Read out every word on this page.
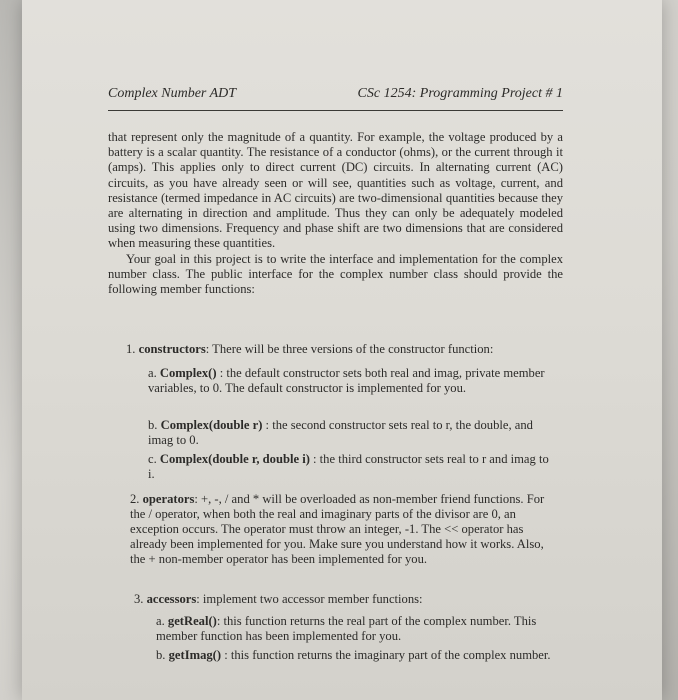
Complex Number ADT	CSc 1254: Programming Project # 1

that represent only the magnitude of a quantity. For example, the voltage produced by a battery is a scalar quantity. The resistance of a conductor (ohms), or the current through it (amps). This applies only to direct current (DC) circuits. In alternating current (AC) circuits, as you have already seen or will see, quantities such as voltage, current, and resistance (termed impedance in AC circuits) are two-dimensional quantities because they are alternating in direction and amplitude. Thus they can only be adequately modeled using two dimensions. Frequency and phase shift are two dimensions that are considered when measuring these quantities.

Your goal in this project is to write the interface and implementation for the complex number class. The public interface for the complex number class should provide the following member functions:

1. constructors: There will be three versions of the constructor function:
a. Complex() : the default constructor sets both real and imag, private member variables, to 0. The default constructor is implemented for you.
b. Complex(double r) : the second constructor sets real to r, the double, and imag to 0.
c. Complex(double r, double i) : the third constructor sets real to r and imag to i.
2. operators: +, -, / and * will be overloaded as non-member friend functions. For the / operator, when both the real and imaginary parts of the divisor are 0, an exception occurs. The operator must throw an integer, -1. The << operator has already been implemented for you. Make sure you understand how it works. Also, the + non-member operator has been implemented for you.
3. accessors: implement two accessor member functions:
a. getReal(): this function returns the real part of the complex number. This member function has been implemented for you.
b. getImag() : this function returns the imaginary part of the complex number.
